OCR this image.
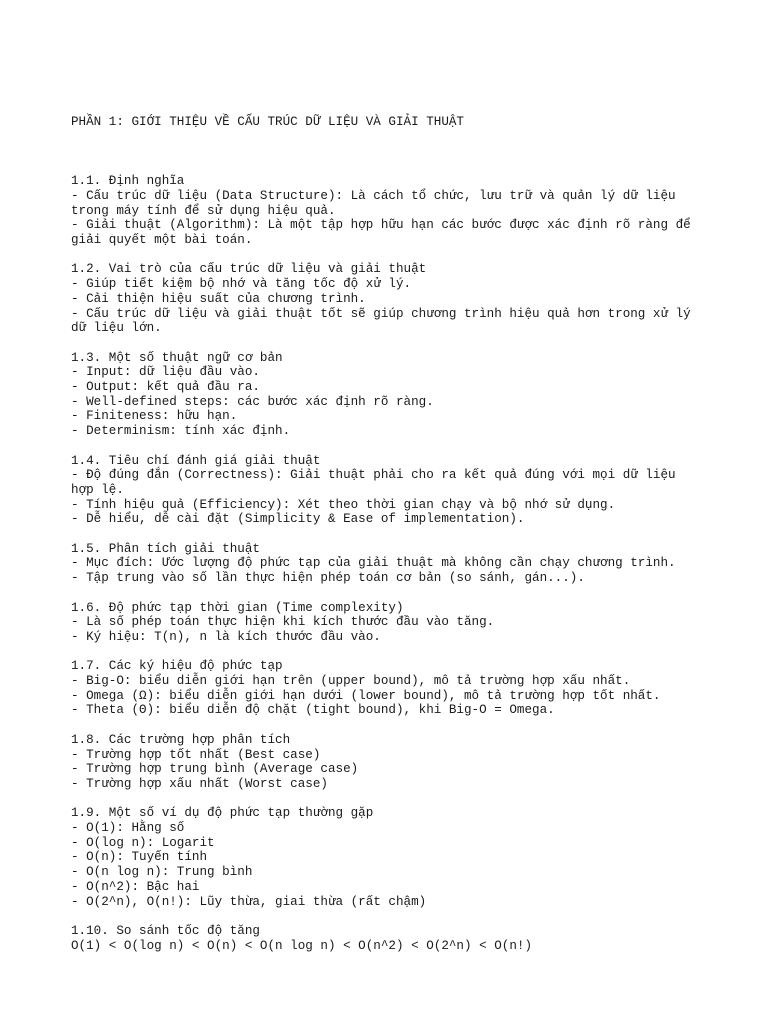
PHẦN 1: GIỚI THIỆU VỀ CẤU TRÚC DỮ LIỆU VÀ GIẢI THUẬT

1.1. Định nghĩa
- Cấu trúc dữ liệu (Data Structure): Là cách tổ chức, lưu trữ và quản lý dữ liệu
trong máy tính để sử dụng hiệu quả.
- Giải thuật (Algorithm): Là một tập hợp hữu hạn các bước được xác định rõ ràng để
giải quyết một bài toán.
1.2. Vai trò của cấu trúc dữ liệu và giải thuật
- Giúp tiết kiệm bộ nhớ và tăng tốc độ xử lý.
- Cải thiện hiệu suất của chương trình.
- Cấu trúc dữ liệu và giải thuật tốt sẽ giúp chương trình hiệu quả hơn trong xử lý
dữ liệu lớn.
1.3. Một số thuật ngữ cơ bản
- Input: dữ liệu đầu vào.
- Output: kết quả đầu ra.
- Well-defined steps: các bước xác định rõ ràng.
- Finiteness: hữu hạn.
- Determinism: tính xác định.
1.4. Tiêu chí đánh giá giải thuật
- Độ đúng đắn (Correctness): Giải thuật phải cho ra kết quả đúng với mọi dữ liệu
hợp lệ.
- Tính hiệu quả (Efficiency): Xét theo thời gian chạy và bộ nhớ sử dụng.
- Dễ hiểu, dễ cài đặt (Simplicity & Ease of implementation).
1.5. Phân tích giải thuật
- Mục đích: Ước lượng độ phức tạp của giải thuật mà không cần chạy chương trình.
- Tập trung vào số lần thực hiện phép toán cơ bản (so sánh, gán...).
1.6. Độ phức tạp thời gian (Time complexity)
- Là số phép toán thực hiện khi kích thước đầu vào tăng.
- Ký hiệu: T(n), n là kích thước đầu vào.
1.7. Các ký hiệu độ phức tạp
- Big-O: biểu diễn giới hạn trên (upper bound), mô tả trường hợp xấu nhất.
- Omega (Ω): biểu diễn giới hạn dưới (lower bound), mô tả trường hợp tốt nhất.
- Theta (Θ): biểu diễn độ chặt (tight bound), khi Big-O = Omega.
1.8. Các trường hợp phân tích
- Trường hợp tốt nhất (Best case)
- Trường hợp trung bình (Average case)
- Trường hợp xấu nhất (Worst case)
1.9. Một số ví dụ độ phức tạp thường gặp
- O(1): Hằng số
- O(log n): Logarit
- O(n): Tuyến tính
- O(n log n): Trung bình
- O(n^2): Bậc hai
- O(2^n), O(n!): Lũy thừa, giai thừa (rất chậm)
1.10. So sánh tốc độ tăng
O(1) < O(log n) < O(n) < O(n log n) < O(n^2) < O(2^n) < O(n!)
